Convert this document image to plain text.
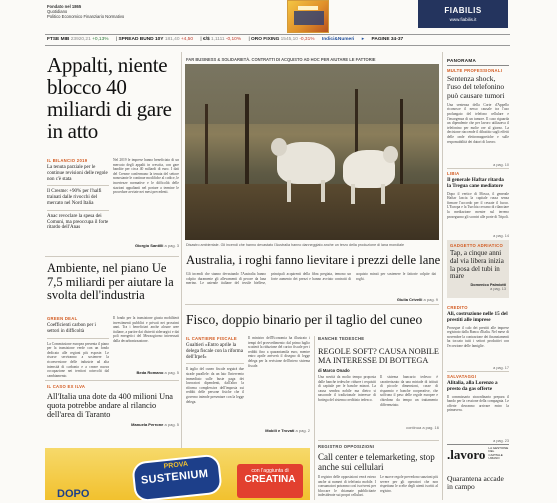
Fondato nel 1865
Quotidiano
Politico Economico Finanziario Normativo
FIABILIS
www.fiabilis.it
FTSE MIB 23920,21 +0,13% | SPREAD BUND 10Y 181,40 +4,50 | €/$ 1,1111 -0,10% | ORO FIXING 1545,10 -0,31% Indici&Numeri ▸ PAGINE 34-37
Appalti, niente blocco 40 miliardi di gare in atto
IL BILANCIO 2019
La tenuta parziale per le continue revisioni delle regole non c'è stata
Il Cresme: +90% per l'halfi trainati dalle rivocchi del mercato nel Nord Italia
Anac revoclare la spesa dei Comuni, ma preoccupa il forte ritardo dell'Anas
Nel 2019 le imprese hanno beneficiato di un mercato degli appalti in crescita, con gare bandite per circa 40 miliardi di euro. I dati del Cresme confermano la tenuta del settore nonostante le continue modifiche al codice, le incertezze normative e le difficoltà delle stazioni appaltanti nel portare a termine le procedure avviate nei mesi precedenti.
Giorgio Santilli a pag. 3
Ambiente, nel piano Ue 7,5 miliardi per aiutare la svolta dell'industria
GREEN DEAL
Coefficienti carbon per i settori in difficoltà
La Commissione europea presenta il piano per la transizione verde con un fondo dedicato alle regioni più esposte. Le risorse serviranno a sostenere la riconversione delle industrie ad alta intensità di carbonio e a creare nuova occupazione nei territori coinvolti dal cambiamento.
Il fondo per la transizione giusta mobiliterà investimenti pubblici e privati nei prossimi anni. Tra i beneficiari anche alcune aree italiane, a partire dai distretti siderurgici e dai poli energetici del Mezzogiorno interessati dalla decarbonizzazione.
Beda Romano a pag. 5
IL CASO EX ILVA
All'Italia una dote da 400 milioni Una quota potrebbe andare al rilancio dell'area di Taranto
Manuela Perrone a pag. 5
DOPO
PROVA
SUSTENIUM	con l'aggiunta di
CREATINA
FAR BUSINESS & SOLIDARIETÀ. CONTRATTI DI ACQUISTO AD HOC PER AIUTARE LE FATTORIE
Disastro ambientale. Gli incendi che hanno devastato l'Australia hanno danneggiato anche un terzo della produzione di lana mondiale
Australia, i roghi fanno lievitare i prezzi delle lane
Gli incendi che stanno devastando l'Australia hanno colpito duramente gli allevamenti di pecore da lana merino. Le aziende italiane del tessile biellese, principali acquirenti della fibra pregiata, temono un forte aumento dei prezzi e hanno avviato contratti di acquisto mirati per sostenere le fattorie colpite dai roghi.
Giulia Crivelli a pag. 9
Fisco, doppio binario per il taglio del cuneo
IL CANTIERE FISCALE
Gualtieri «Entro aprile la delega fiscale con la riforma dell'Irpef»
Il taglio del cuneo fiscale seguirà due strade parallele: da un lato l'intervento immediato sulle buste paga dei lavoratori dipendenti, dall'altro la riforma complessiva dell'imposta sui redditi delle persone fisiche che il governo intende presentare con la legge delega.
Il ministro dell'Economia ha illustrato i tempi del provvedimento: dal primo luglio scatterà la riduzione del carico fiscale per i redditi fino a quarantamila euro, mentre entro aprile arriverà il disegno di legge delega per la revisione dell'intero sistema fiscale.
Mobili e Trovati a pag. 2
BANCHE TEDESCHE
REGOLE SOFT? CAUSA NOBILE MA INTERESSE DI BOTTEGA
di Marco Onado
Una novità da molto tempo proposta dalle banche tedesche: ridurre i requisiti di capitale per le banche minori. La causa sembra nobile ma dietro si nasconde il tradizionale interesse di bottega del sistema creditizio tedesco.
Il sistema bancario tedesco è caratterizzato da una miriade di istituti di piccole dimensioni, casse di risparmio e banche cooperative, che soffrono il peso delle regole europee e chiedono da tempo un trattamento differenziato.
continua a pag. 16
REGISTRO OPPOSIZIONI
Call center e telemarketing, stop anche sui cellulari
Il registro delle opposizioni verrà esteso anche ai numeri di telefonia mobile. I consumatori potranno così iscriversi per bloccare le chiamate pubblicitarie indesiderate sui propri cellulari.
Le nuove regole prevedono sanzioni più severe per gli operatori che non rispettano le scelte degli utenti iscritti al registro.
PANORAMA
MULTE PROFESSIONALI
Sentenza shock, l'uso del telefonino può causare tumori
Una sentenza della Corte d'Appello riconosce il nesso causale tra l'uso prolungato del telefono cellulare e l'insorgenza di un tumore. Il caso riguarda un dipendente che per lavoro utilizzava il telefonino per molte ore al giorno. La decisione riaccende il dibattito sugli effetti delle onde elettromagnetiche e sulle responsabilità dei datori di lavoro.
a pag. 10
LIBIA
Il generale Haftar ritarda la Tregua cane mediatore
Dopo il vertice di Mosca, il generale Haftar lascia la capitale russa senza firmare l'accordo per il cessate il fuoco. L'Europa e la Turchia cercano di rilanciare la mediazione mentre sul terreno proseguono gli scontri alle porte di Tripoli.
a pag. 14
GADGETTO ADRIATICO
Tap, a cinque anni dal via libera inizia la posa del tubi in mare
Domenico Palmiotti
a pag. 13
CREDITO
Ali, costruzione nelle 15 del prestiti alle imprese
Prosegue il calo dei prestiti alle imprese registrato dalla Banca d'Italia. Nel mese di novembre la contrazione dei finanziamenti ha toccato tutti i settori produttivi con l'eccezione delle famiglie.
a pag. 17
SALVATAGGI
Alitalia, alla Lorenzo a presto da gas offerte
Il commissario straordinario prepara il bando per la cessione della compagnia. Le offerte dovranno arrivare entro la primavera.
a pag. 23
.lavoro LA GESTIONE DEL CAPITALE UMANO
Quarantena accade in campo
